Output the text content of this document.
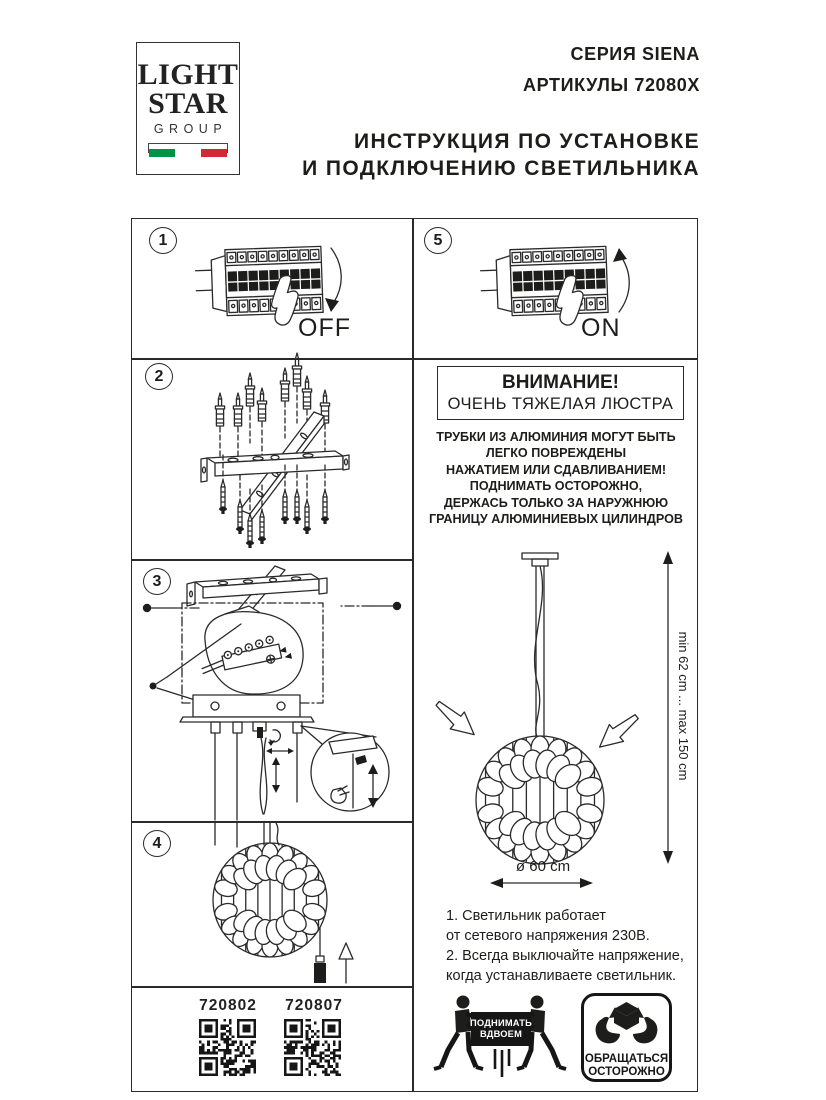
LIGHT
STAR
GROUP
СЕРИЯ SIENA
АРТИКУЛЫ 72080X
ИНСТРУКЦИЯ ПО УСТАНОВКЕ
И ПОДКЛЮЧЕНИЮ СВЕТИЛЬНИКА
1	5
2
3
4
OFF	ON
ВНИМАНИЕ!
ОЧЕНЬ ТЯЖЕЛАЯ ЛЮСТРА
ТРУБКИ ИЗ АЛЮМИНИЯ МОГУТ БЫТЬ
ЛЕГКО ПОВРЕЖДЕНЫ
НАЖАТИЕМ ИЛИ СДАВЛИВАНИЕМ!
ПОДНИМАТЬ ОСТОРОЖНО,
ДЕРЖАСЬ ТОЛЬКО ЗА НАРУЖНЮЮ
ГРАНИЦУ АЛЮМИНИЕВЫХ ЦИЛИНДРОВ
min 62 cm ... max 150 cm
ø 60 cm
1. Светильник работает
от сетевого напряжения 230В.
2. Всегда выключайте напряжение,
когда устанавливаете светильник.
720802	720807
ПОДНИМАТЬ
ВДВОЕМ
ОБРАЩАТЬСЯ
ОСТОРОЖНО
